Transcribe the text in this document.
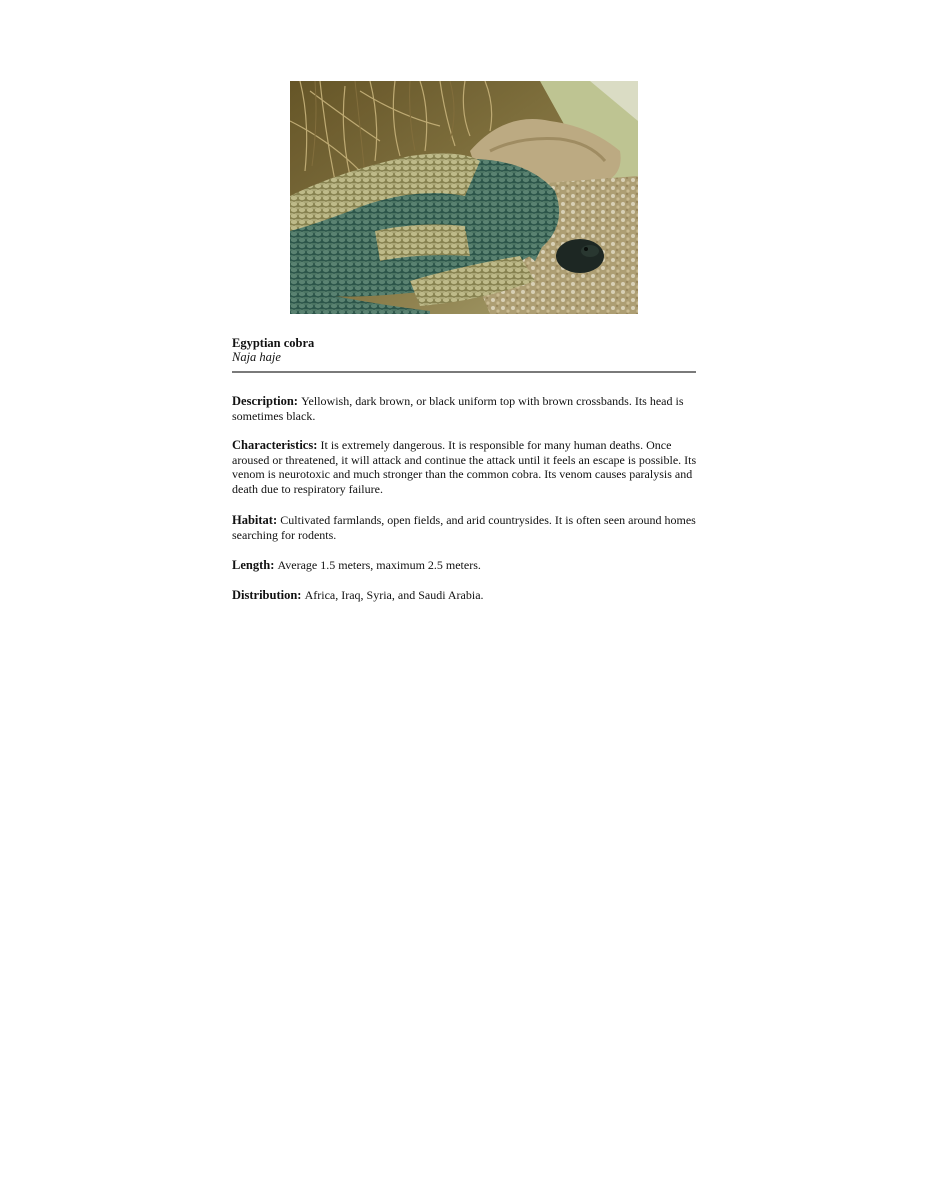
Egyptian cobra
Naja haje
Description: Yellowish, dark brown, or black uniform top with brown crossbands. Its head is sometimes black.
Characteristics: It is extremely dangerous. It is responsible for many human deaths. Once aroused or threatened, it will attack and continue the attack until it feels an escape is possible. Its venom is neurotoxic and much stronger than the common cobra. Its venom causes paralysis and death due to respiratory failure.
Habitat: Cultivated farmlands, open fields, and arid countrysides. It is often seen around homes searching for rodents.
Length: Average 1.5 meters, maximum 2.5 meters.
Distribution: Africa, Iraq, Syria, and Saudi Arabia.
